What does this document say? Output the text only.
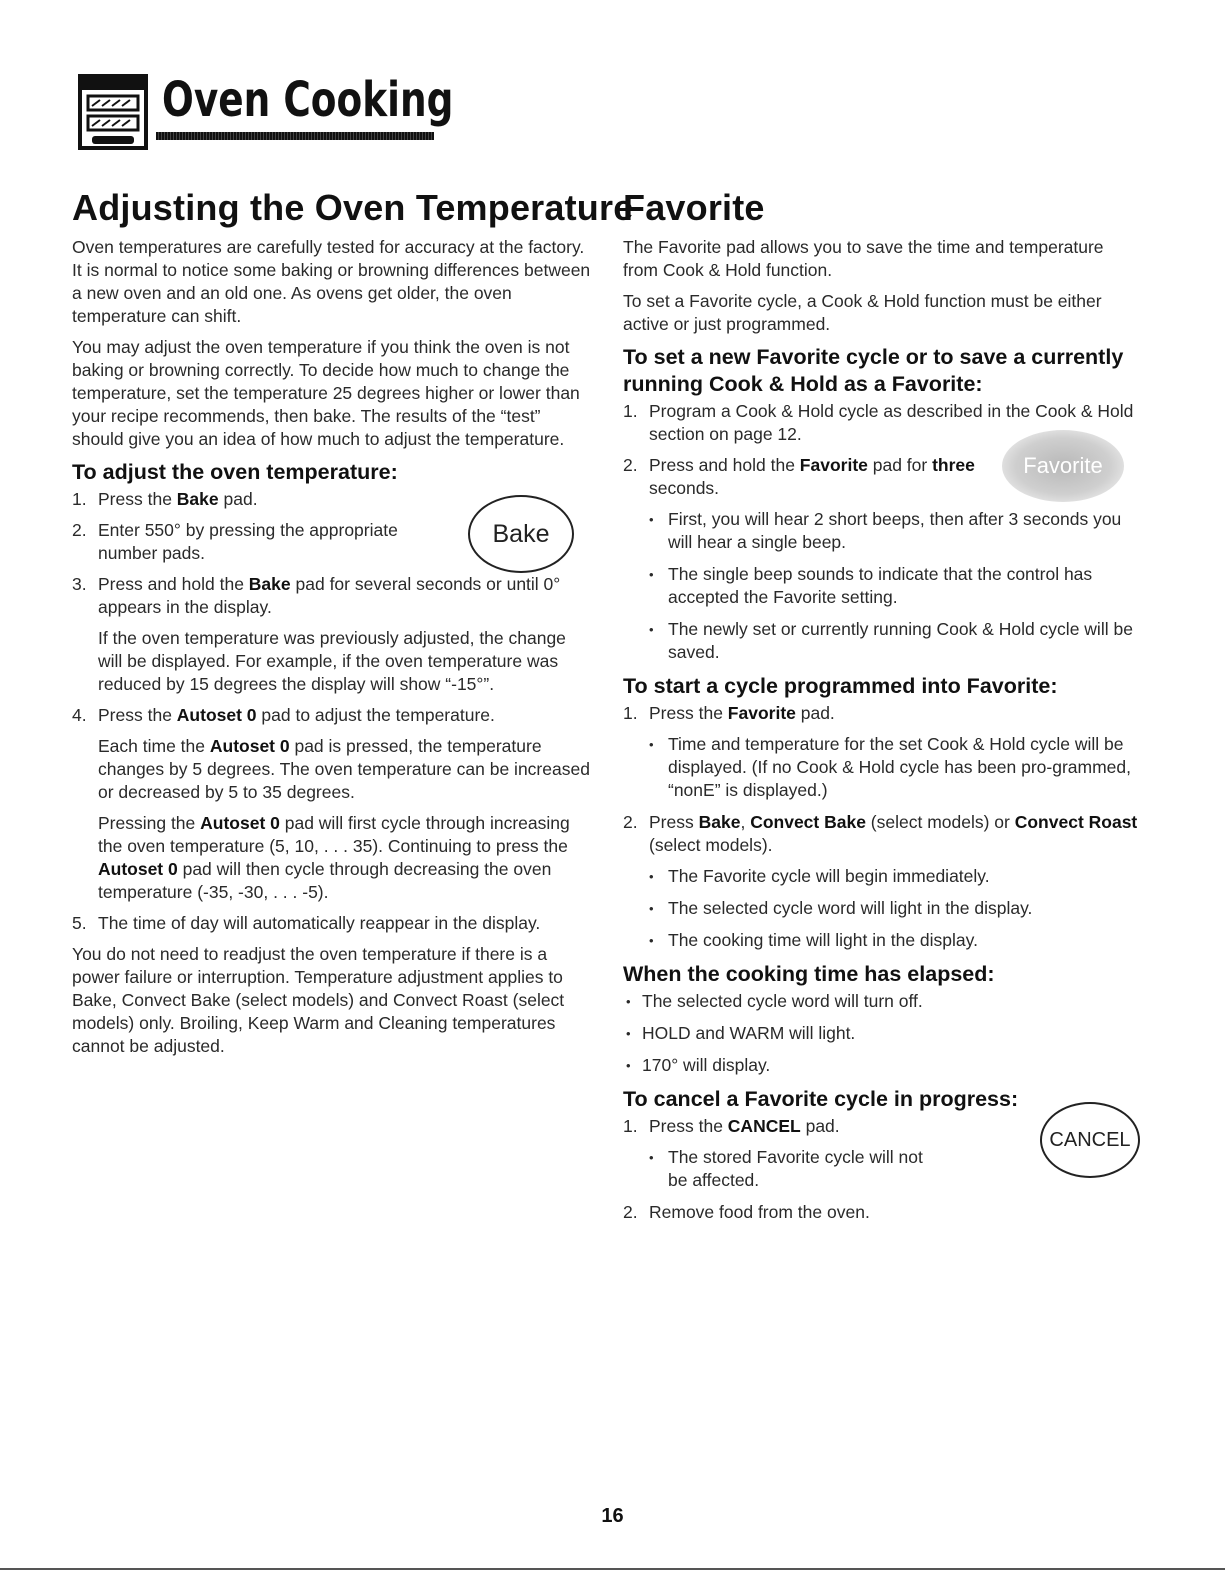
Oven Cooking
Adjusting the Oven Temperature

Oven temperatures are carefully tested for accuracy at the factory. It is normal to notice some baking or browning differences between a new oven and an old one. As ovens get older, the oven temperature can shift.

You may adjust the oven temperature if you think the oven is not baking or browning correctly. To decide how much to change the temperature, set the temperature 25 degrees higher or lower than your recipe recommends, then bake. The results of the “test” should give you an idea of how much to adjust the temperature.

To adjust the oven temperature:
1. Press the Bake pad.
2. Enter 550° by pressing the appropriate number pads.
3. Press and hold the Bake pad for several seconds or until 0° appears in the display.

If the oven temperature was previously adjusted, the change will be displayed. For example, if the oven temperature was reduced by 15 degrees the display will show “-15°”.

4. Press the Autoset 0 pad to adjust the temperature.

Each time the Autoset 0 pad is pressed, the temperature changes by 5 degrees. The oven temperature can be increased or decreased by 5 to 35 degrees.

Pressing the Autoset 0 pad will first cycle through increasing the oven temperature (5, 10, . . . 35). Continuing to press the Autoset 0 pad will then cycle through decreasing the oven temperature (-35, -30, . . . -5).

5. The time of day will automatically reappear in the display.

You do not need to readjust the oven temperature if there is a power failure or interruption. Temperature adjustment applies to Bake, Convect Bake (select models) and Convect Roast (select models) only. Broiling, Keep Warm and Cleaning temperatures cannot be adjusted.

Bake
Favorite

The Favorite pad allows you to save the time and temperature from Cook & Hold function.

To set a Favorite cycle, a Cook & Hold function must be either active or just programmed.

To set a new Favorite cycle or to save a currently running Cook & Hold as a Favorite:
1. Program a Cook & Hold cycle as described in the Cook & Hold section on page 12.
2. Press and hold the Favorite pad for three seconds.
• First, you will hear 2 short beeps, then after 3 seconds you will hear a single beep.
• The single beep sounds to indicate that the control has accepted the Favorite setting.
• The newly set or currently running Cook & Hold cycle will be saved.
To start a cycle programmed into Favorite:
1. Press the Favorite pad.
• Time and temperature for the set Cook & Hold cycle will be displayed. (If no Cook & Hold cycle has been pro-grammed, “nonE” is displayed.)
2. Press Bake, Convect Bake (select models) or Convect Roast (select models).
• The Favorite cycle will begin immediately.
• The selected cycle word will light in the display.
• The cooking time will light in the display.
When the cooking time has elapsed:
• The selected cycle word will turn off.
• HOLD and WARM will light.
• 170° will display.
To cancel a Favorite cycle in progress:
1. Press the CANCEL pad.
• The stored Favorite cycle will not be affected.
2. Remove food from the oven.
Favorite
CANCEL
16
